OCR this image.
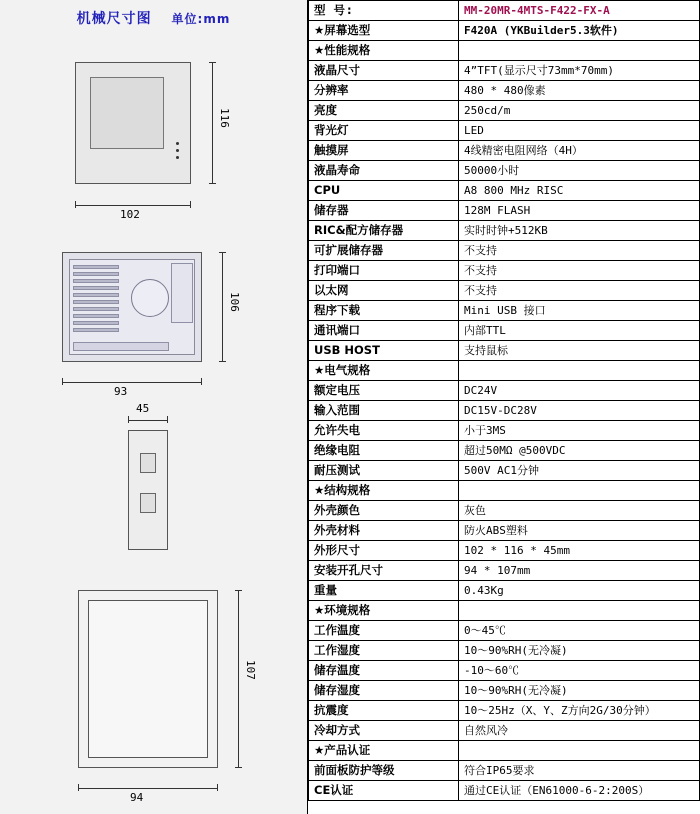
机械尺寸图 单位:mm
116
102
106
93
45
107
94
型 号:	MM-20MR-4MTS-F422-FX-A
★屏幕选型	F420A (YKBuilder5.3软件)
★性能规格	
液晶尺寸	4”TFT(显示尺寸73mm*70mm)
分辨率	480 * 480像素
亮度	250cd/m
背光灯	LED
触摸屏	4线精密电阻网络（4H）
液晶寿命	50000小时
CPU	A8 800 MHz RISC
储存器	128M FLASH
RIC&配方储存器	实时时钟+512KB
可扩展储存器	不支持
打印端口	不支持
以太网	不支持
程序下载	Mini USB 接口
通讯端口	内部TTL
USB HOST	支持鼠标
★电气规格	
额定电压	DC24V
输入范围	DC15V-DC28V
允许失电	小于3MS
绝缘电阻	超过50MΩ @500VDC
耐压测试	500V AC1分钟
★结构规格	
外壳颜色	灰色
外壳材料	防火ABS塑料
外形尺寸	102 * 116 * 45mm
安装开孔尺寸	94 * 107mm
重量	0.43Kg
★环境规格	
工作温度	0～45℃
工作湿度	10～90%RH(无冷凝)
储存温度	-10～60℃
储存湿度	10～90%RH(无冷凝)
抗震度	10～25Hz（X、Y、Z方向2G/30分钟）
冷却方式	自然风冷
★产品认证	
前面板防护等级	符合IP65要求
CE认证	通过CE认证（EN61000-6-2:200S）
